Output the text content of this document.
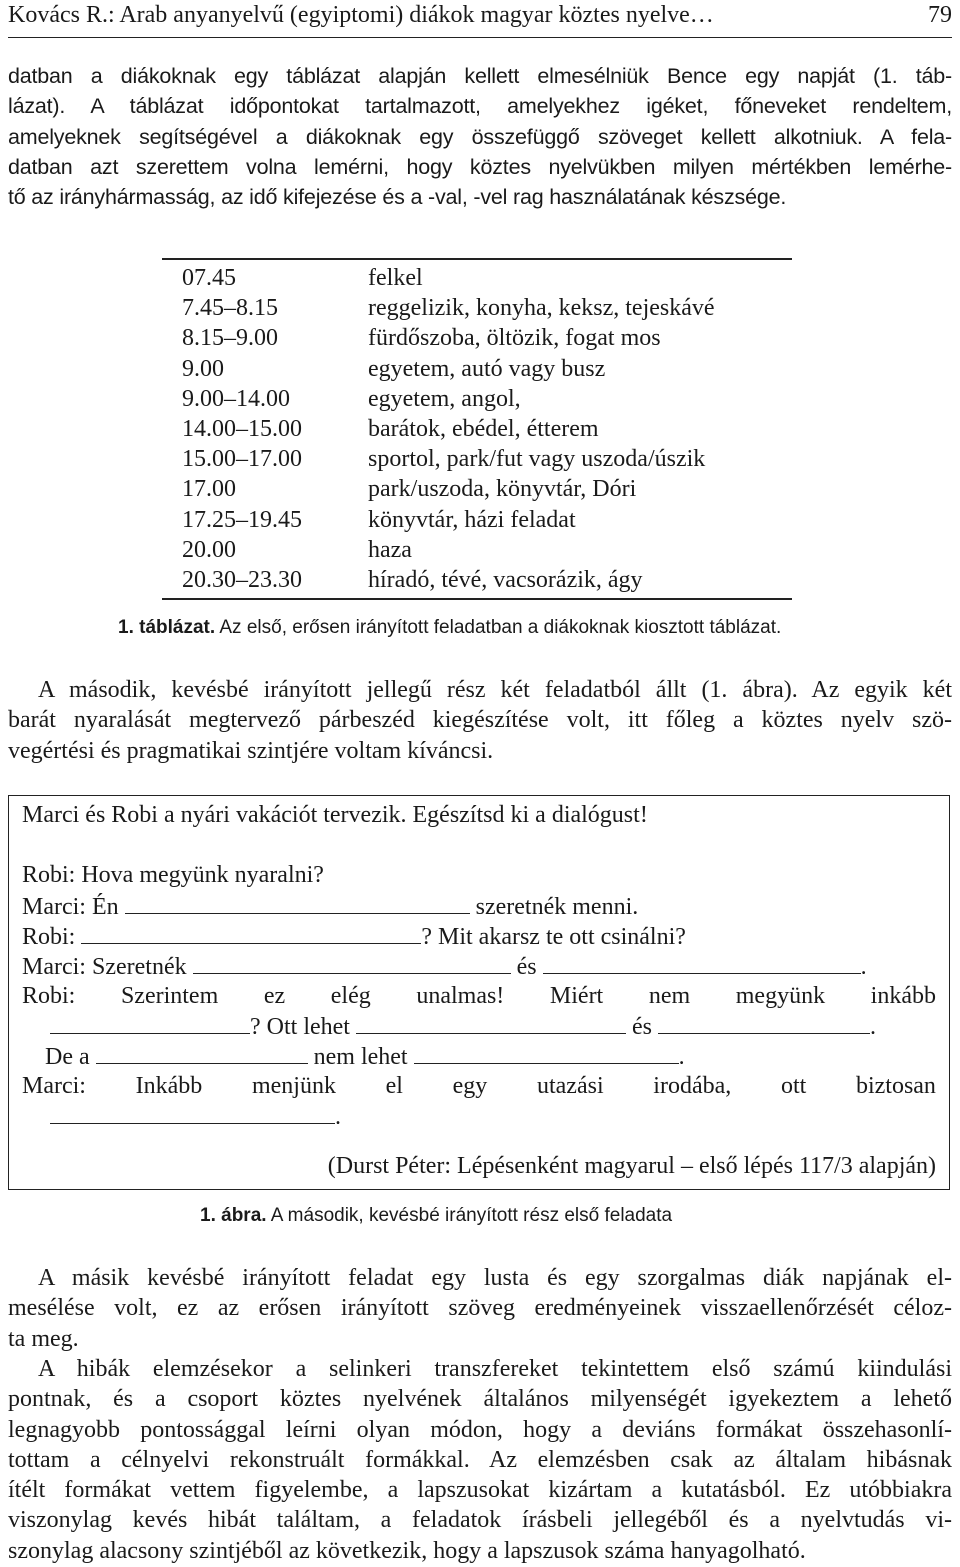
Kovács R.: Arab anyanyelvű (egyiptomi) diákok magyar köztes nyelve…	79
datban a diákoknak egy táblázat alapján kellett elmesélniük Bence egy napját (1. táb-
lázat). A táblázat időpontokat tartalmazott, amelyekhez igéket, főneveket rendeltem,
amelyeknek segítségével a diákoknak egy összefüggő szöveget kellett alkotniuk. A fela-
datban azt szerettem volna lemérni, hogy köztes nyelvükben milyen mértékben lemérhe-
tő az irányhármasság, az idő kifejezése és a -val, -vel rag használatának készsége.
07.45	felkel
7.45–8.15	reggelizik, konyha, keksz, tejeskávé
8.15–9.00	fürdőszoba, öltözik, fogat mos
9.00	egyetem, autó vagy busz
9.00–14.00	egyetem, angol,
14.00–15.00	barátok, ebédel, étterem
15.00–17.00	sportol, park/fut vagy uszoda/úszik
17.00	park/uszoda, könyvtár, Dóri
17.25–19.45	könyvtár, házi feladat
20.00	haza
20.30–23.30	híradó, tévé, vacsorázik, ágy
1. táblázat. Az első, erősen irányított feladatban a diákoknak kiosztott táblázat.
A második, kevésbé irányított jellegű rész két feladatból állt (1. ábra). Az egyik két
barát nyaralását megtervező párbeszéd kiegészítése volt, itt főleg a köztes nyelv szö-
vegértési és pragmatikai szintjére voltam kíváncsi.
Marci és Robi a nyári vakációt tervezik. Egészítsd ki a dialógust!
Robi: Hova megyünk nyaralni?
Marci: Én	szeretnék menni.
Robi:	? Mit akarsz te ott csinálni?
Marci: Szeretnék	és	.
Robi: Szerintem ez elég unalmas! Miért nem megyünk inkább
? Ott lehet	és	.
De a	nem lehet	.
Marci: Inkább menjünk el egy utazási irodába, ott biztosan
.
(Durst Péter: Lépésenként magyarul – első lépés 117/3 alapján)
1. ábra. A második, kevésbé irányított rész első feladata
A másik kevésbé irányított feladat egy lusta és egy szorgalmas diák napjának el-
mesélése volt, ez az erősen irányított szöveg eredményeinek visszaellenőrzését célоz-
ta meg.
A hibák elemzésekor a selinkeri transzfereket tekintettem első számú kiindulási
pontnak, és a csoport köztes nyelvének általános milyenségét igyekeztem a lehető
legnagyobb pontossággal leírni olyan módon, hogy a deviáns formákat összehasonlí-
tottam a célnyelvi rekonstruált formákkal. Az elemzésben csak az általam hibásnak
ítélt formákat vettem figyelembe, a lapszusokat kizártam a kutatásból. Ez utóbbiakra
viszonylag kevés hibát találtam, a feladatok írásbeli jellegéből és a nyelvtudás vi-
szonylag alacsony szintjéből az következik, hogy a lapszusok száma hanyagolható.
